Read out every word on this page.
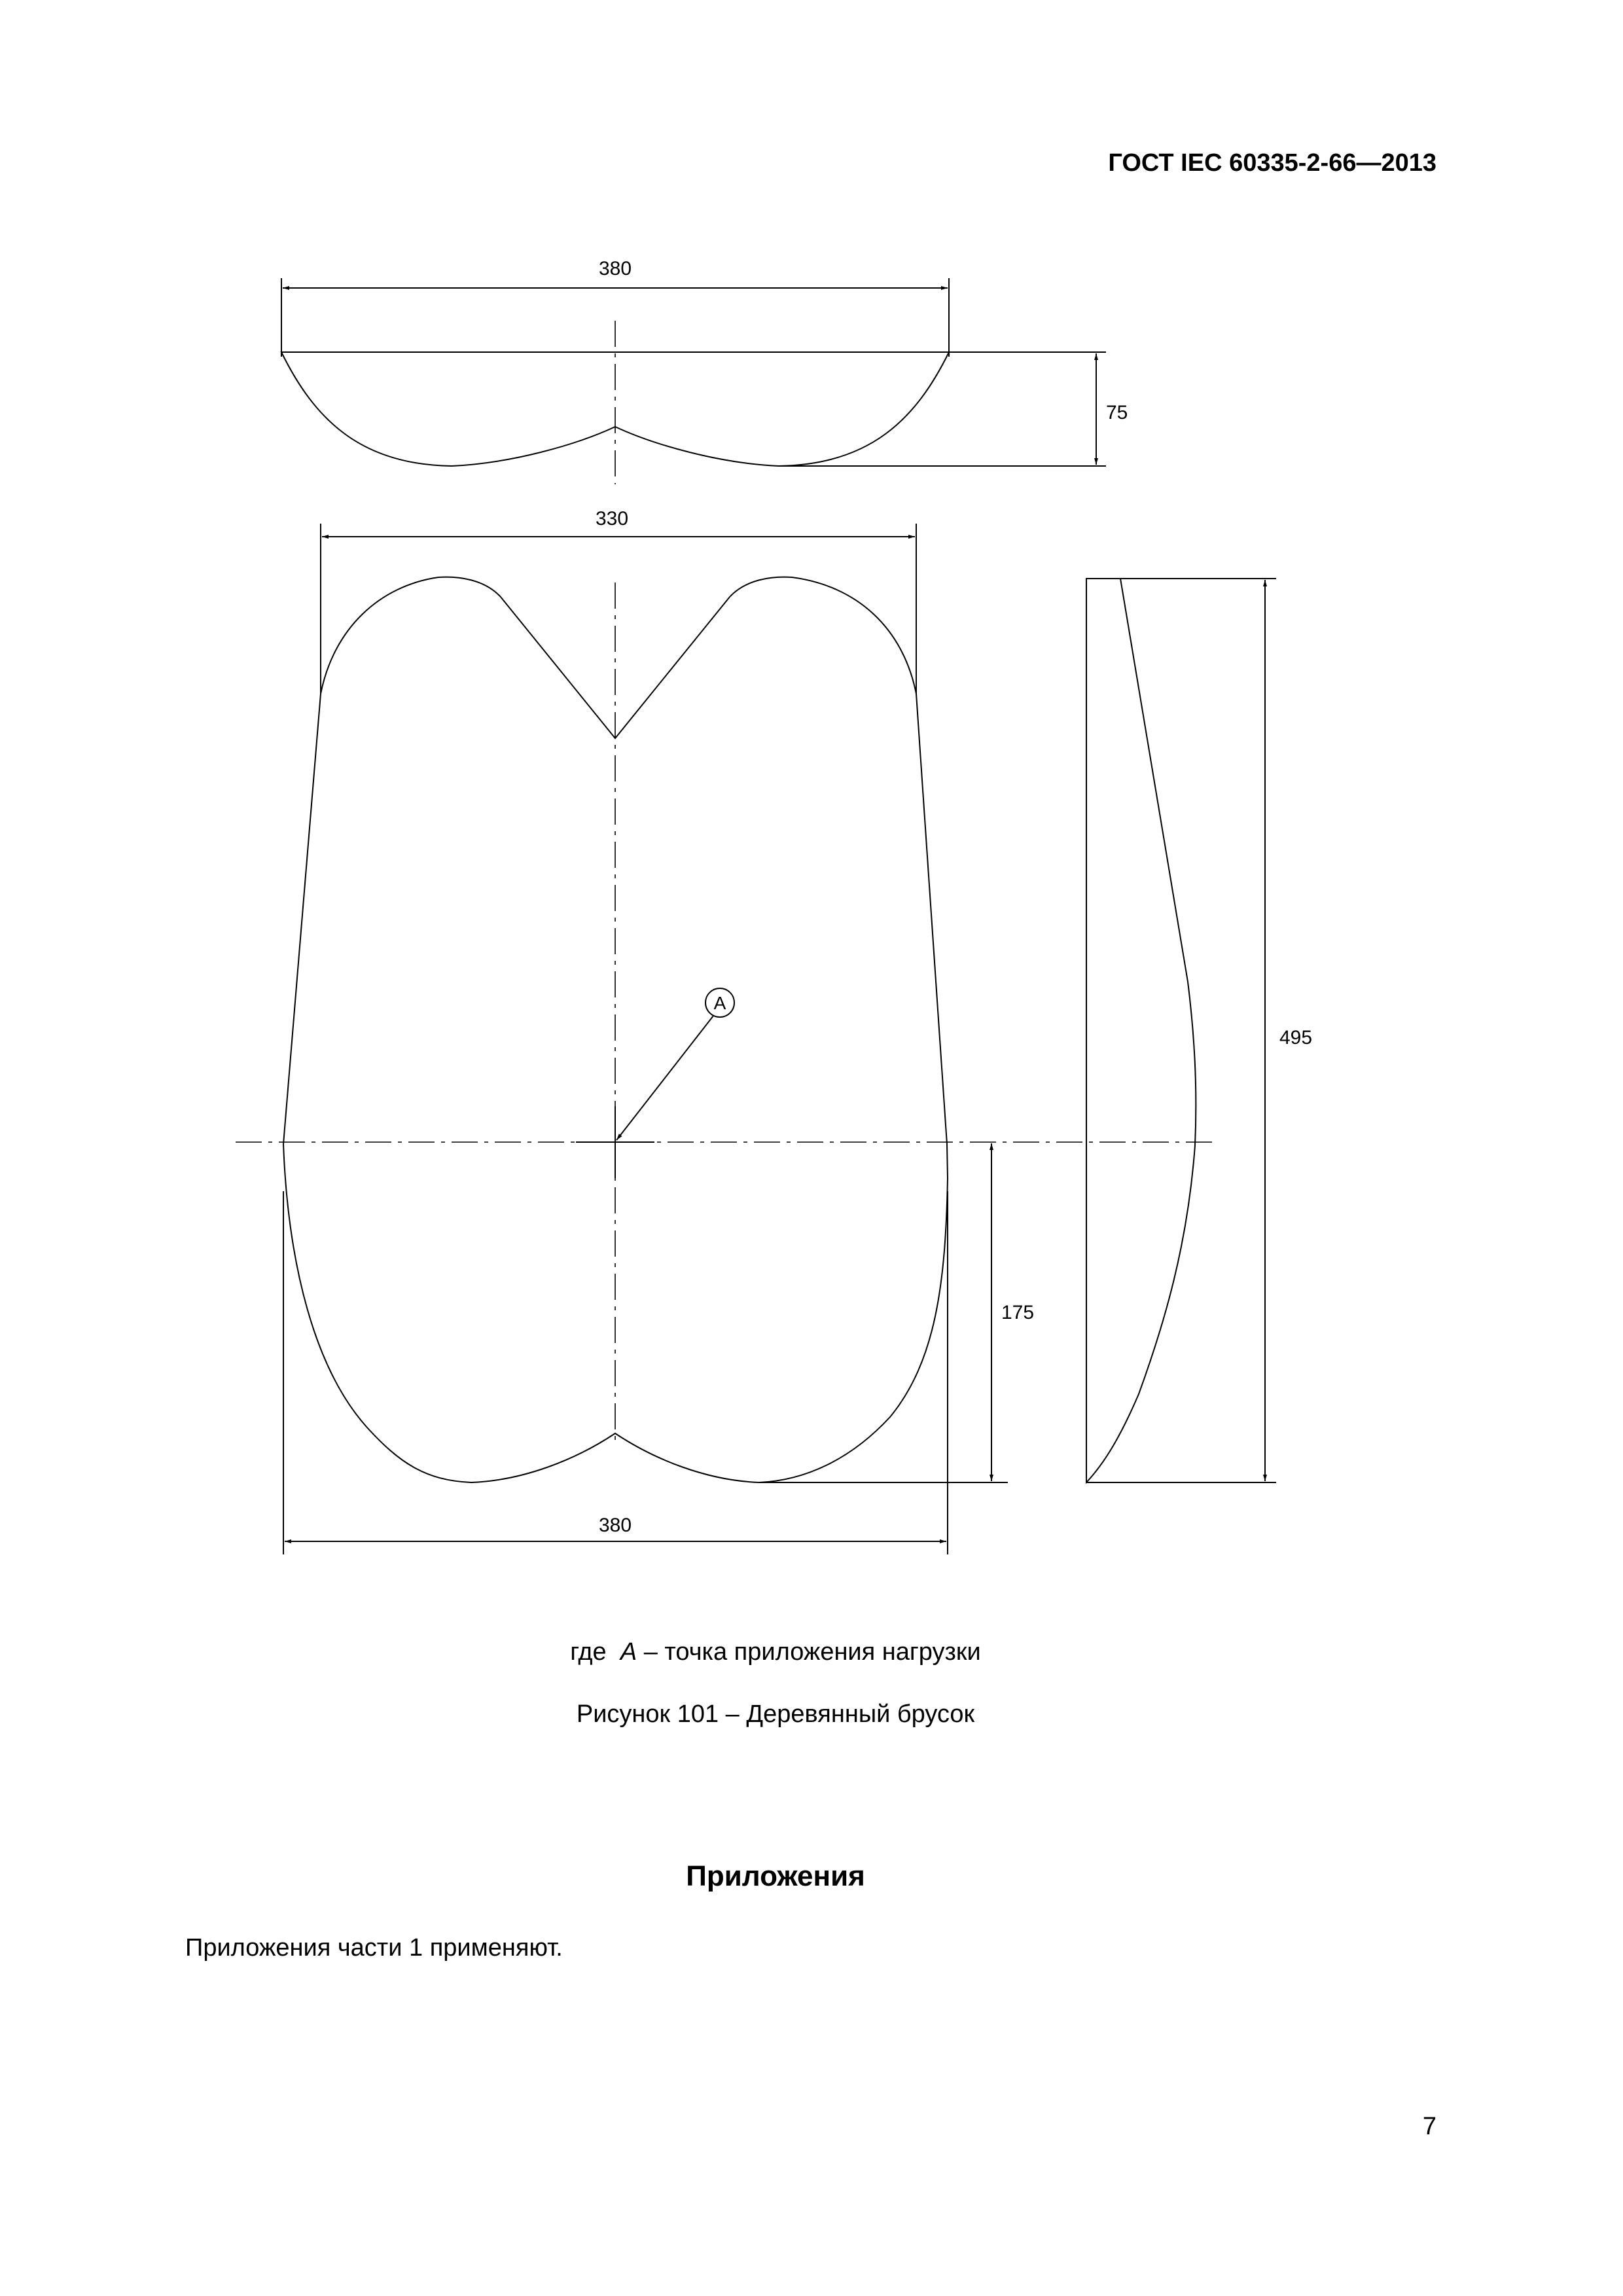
ГОСТ IEC 60335-2-66—2013
380
75
A
330
380
175
495
где A – точка приложения нагрузки
Рисунок 101 – Деревянный брусок
Приложения
Приложения части 1 применяют.
7
